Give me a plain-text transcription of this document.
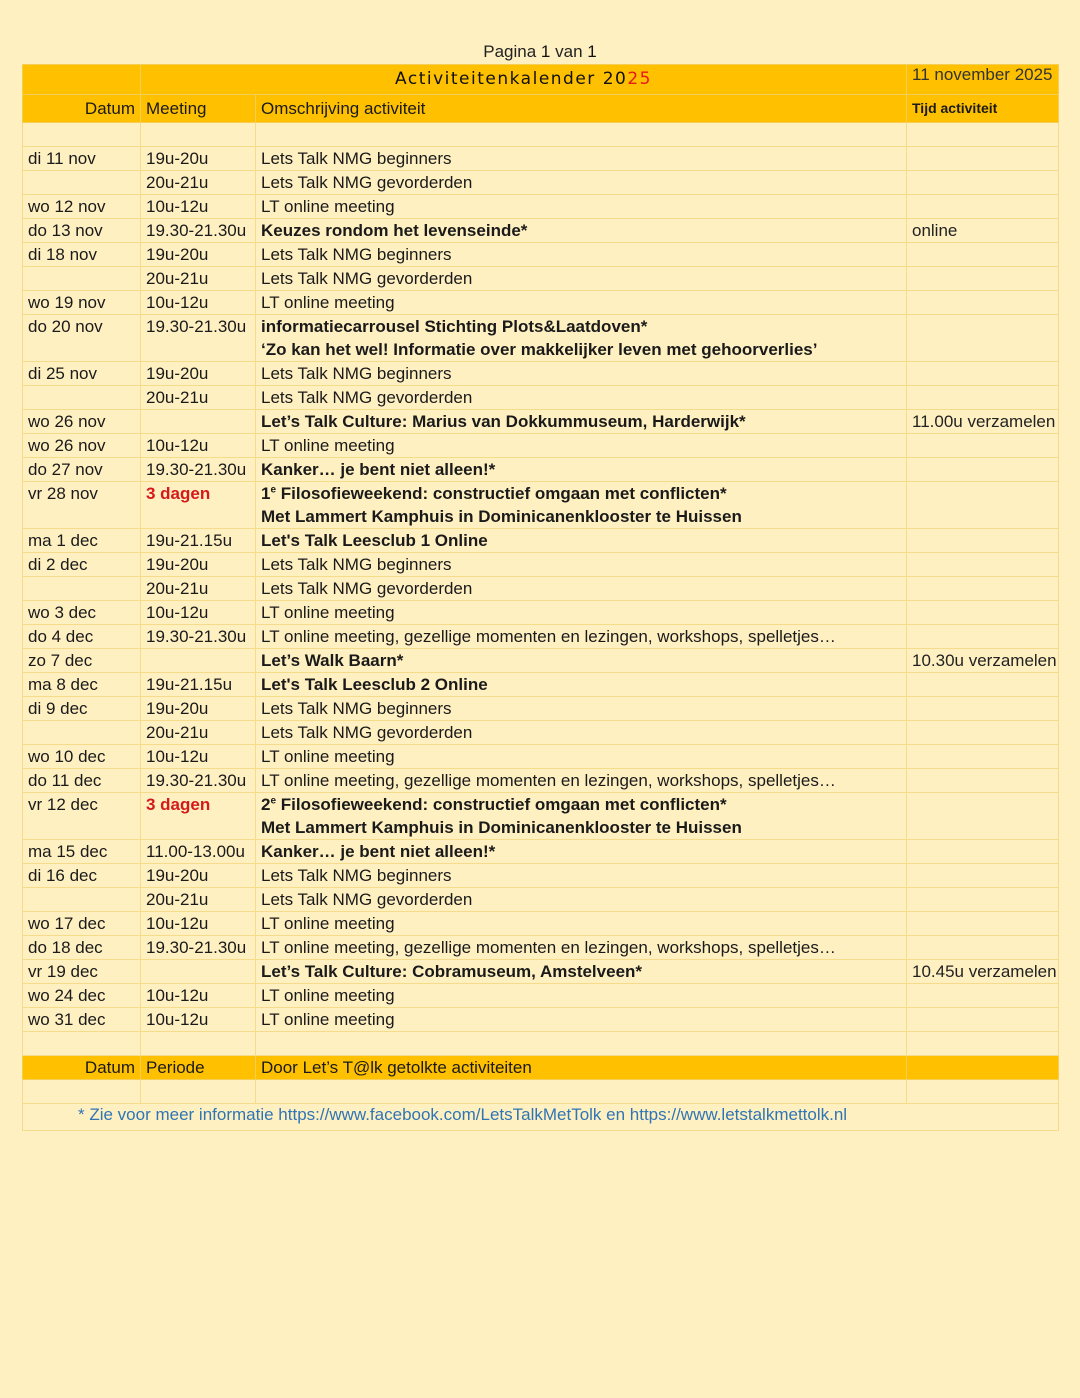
Pagina 1 van 1
	Activiteitenkalender 2025		11 november 2025
Datum	Meeting	Omschrijving activiteit	Tijd activiteit

di 11 nov	19u-20u	Lets Talk NMG beginners	

	20u-21u	Lets Talk NMG gevorderden	

wo 12 nov	10u-12u	LT online meeting	

do 13 nov	19.30-21.30u	Keuzes rondom het levenseinde*	online
di 18 nov	19u-20u	Lets Talk NMG beginners	

	20u-21u	Lets Talk NMG gevorderden	

wo 19 nov	10u-12u	LT online meeting	

do 20 nov	19.30-21.30u	informatiecarrousel Stichting Plots&Laatdoven*
‘Zo kan het wel! Informatie over makkelijker leven met gehoorverlies’	

di 25 nov	19u-20u	Lets Talk NMG beginners	

	20u-21u	Lets Talk NMG gevorderden	

wo 26 nov		Let’s Talk Culture: Marius van Dokkummuseum, Harderwijk*	11.00u verzamelen
wo 26 nov	10u-12u	LT online meeting	

do 27 nov	19.30-21.30u	Kanker… je bent niet alleen!*	

vr 28 nov	3 dagen	1e Filosofieweekend: constructief omgaan met conflicten*
Met Lammert Kamphuis in Dominicanenklooster te Huissen	

ma 1 dec	19u-21.15u	Let's Talk Leesclub 1 Online	

di 2 dec	19u-20u	Lets Talk NMG beginners	

	20u-21u	Lets Talk NMG gevorderden	

wo 3 dec	10u-12u	LT online meeting	

do 4 dec	19.30-21.30u	LT online meeting, gezellige momenten en lezingen, workshops, spelletjes…	

zo 7 dec		Let’s Walk Baarn*	10.30u verzamelen
ma 8 dec	19u-21.15u	Let's Talk Leesclub 2 Online	

di 9 dec	19u-20u	Lets Talk NMG beginners	

	20u-21u	Lets Talk NMG gevorderden	

wo 10 dec	10u-12u	LT online meeting	

do 11 dec	19.30-21.30u	LT online meeting, gezellige momenten en lezingen, workshops, spelletjes…	

vr 12 dec	3 dagen	2e Filosofieweekend: constructief omgaan met conflicten*
Met Lammert Kamphuis in Dominicanenklooster te Huissen	

ma 15 dec	11.00-13.00u	Kanker… je bent niet alleen!*	

di 16 dec	19u-20u	Lets Talk NMG beginners	

	20u-21u	Lets Talk NMG gevorderden	

wo 17 dec	10u-12u	LT online meeting	

do 18 dec	19.30-21.30u	LT online meeting, gezellige momenten en lezingen, workshops, spelletjes…	

vr 19 dec		Let’s Talk Culture: Cobramuseum, Amstelveen*	10.45u verzamelen
wo 24 dec	10u-12u	LT online meeting	

wo 31 dec	10u-12u	LT online meeting	

Datum	Periode	Door Let’s T@lk getolkte activiteiten	

* Zie voor meer informatie https://www.facebook.com/LetsTalkMetTolk en https://www.letstalkmettolk.nl			
